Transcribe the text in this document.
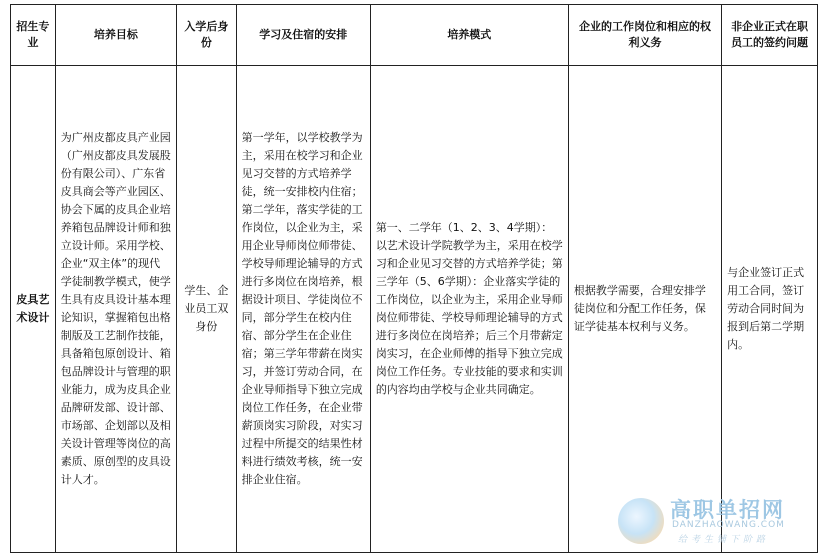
招生专业	培养目标	入学后身份	学习及住宿的安排	培养模式	企业的工作岗位和相应的权利义务	非企业正式在职员工的签约问题
皮具艺术设计	为广州皮都皮具产业园（广州皮都皮具发展股份有限公司）、广东省皮具商会等产业园区、协会下属的皮具企业培养箱包品牌设计师和独立设计师。采用学校、企业“双主体”的现代学徒制教学模式，使学生具有皮具设计基本理论知识，掌握箱包出格制版及工艺制作技能，具备箱包原创设计、箱包品牌设计与管理的职业能力，成为皮具企业品牌研发部、设计部、市场部、企划部以及相关设计管理等岗位的高素质、原创型的皮具设计人才。	学生、企业员工双身份	第一学年，以学校教学为主，采用在校学习和企业见习交替的方式培养学徒，统一安排校内住宿；第二学年，落实学徒的工作岗位，以企业为主，采用企业导师岗位师带徒、学校导师理论辅导的方式进行多岗位在岗培养，根据设计项目、学徒岗位不同，部分学生在校内住宿、部分学生在企业住宿；第三学年带薪在岗实习，并签订劳动合同，在企业导师指导下独立完成岗位工作任务，在企业带薪顶岗实习阶段，对实习过程中所提交的结果性材料进行绩效考核，统一安排企业住宿。	第一、二学年（1、2、3、4学期）：以艺术设计学院教学为主，采用在校学习和企业见习交替的方式培养学徒；第三学年（5、6学期）：企业落实学徒的工作岗位，以企业为主，采用企业导师岗位师带徒、学校导师理论辅导的方式进行多岗位在岗培养；后三个月带薪定岗实习，在企业师傅的指导下独立完成岗位工作任务。专业技能的要求和实训的内容均由学校与企业共同确定。	根据教学需要，合理安排学徒岗位和分配工作任务，保证学徒基本权利与义务。	与企业签订正式用工合同，签订劳动合同时间为报到后第二学期内。
高职单招网
DANZHAOWANG.COM
给考生铺下阶路
